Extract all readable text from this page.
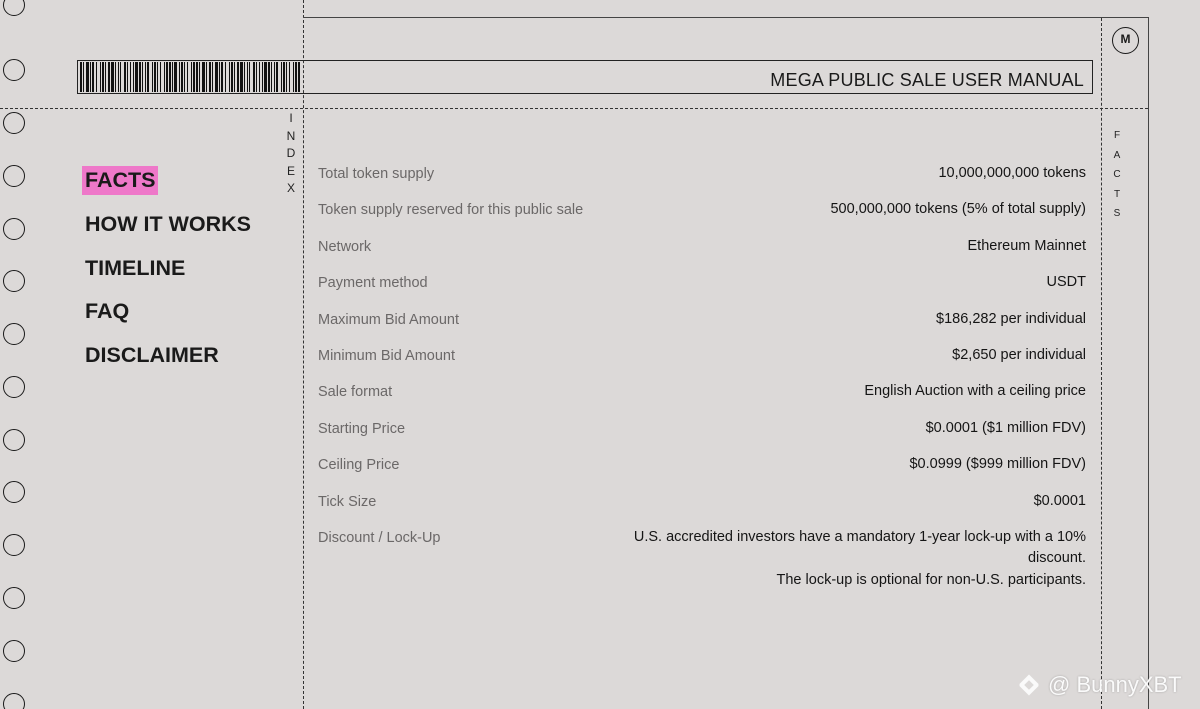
MEGA PUBLIC SALE USER MANUAL
M
I
N
D
E
X
F
A
C
T
S
FACTS
HOW IT WORKS
TIMELINE
FAQ
DISCLAIMER
Total token supply	10,000,000,000 tokens
Token supply reserved for this public sale	500,000,000 tokens (5% of total supply)
Network	Ethereum Mainnet
Payment method	USDT
Maximum Bid Amount	$186,282 per individual
Minimum Bid Amount	$2,650 per individual
Sale format	English Auction with a ceiling price
Starting Price	$0.0001 ($1 million FDV)
Ceiling Price	$0.0999 ($999 million FDV)
Tick Size	$0.0001
Discount / Lock-Up	U.S. accredited investors have a mandatory 1-year lock-up with a 10%
discount.
The lock-up is optional for non-U.S. participants.
@ BunnyXBT
